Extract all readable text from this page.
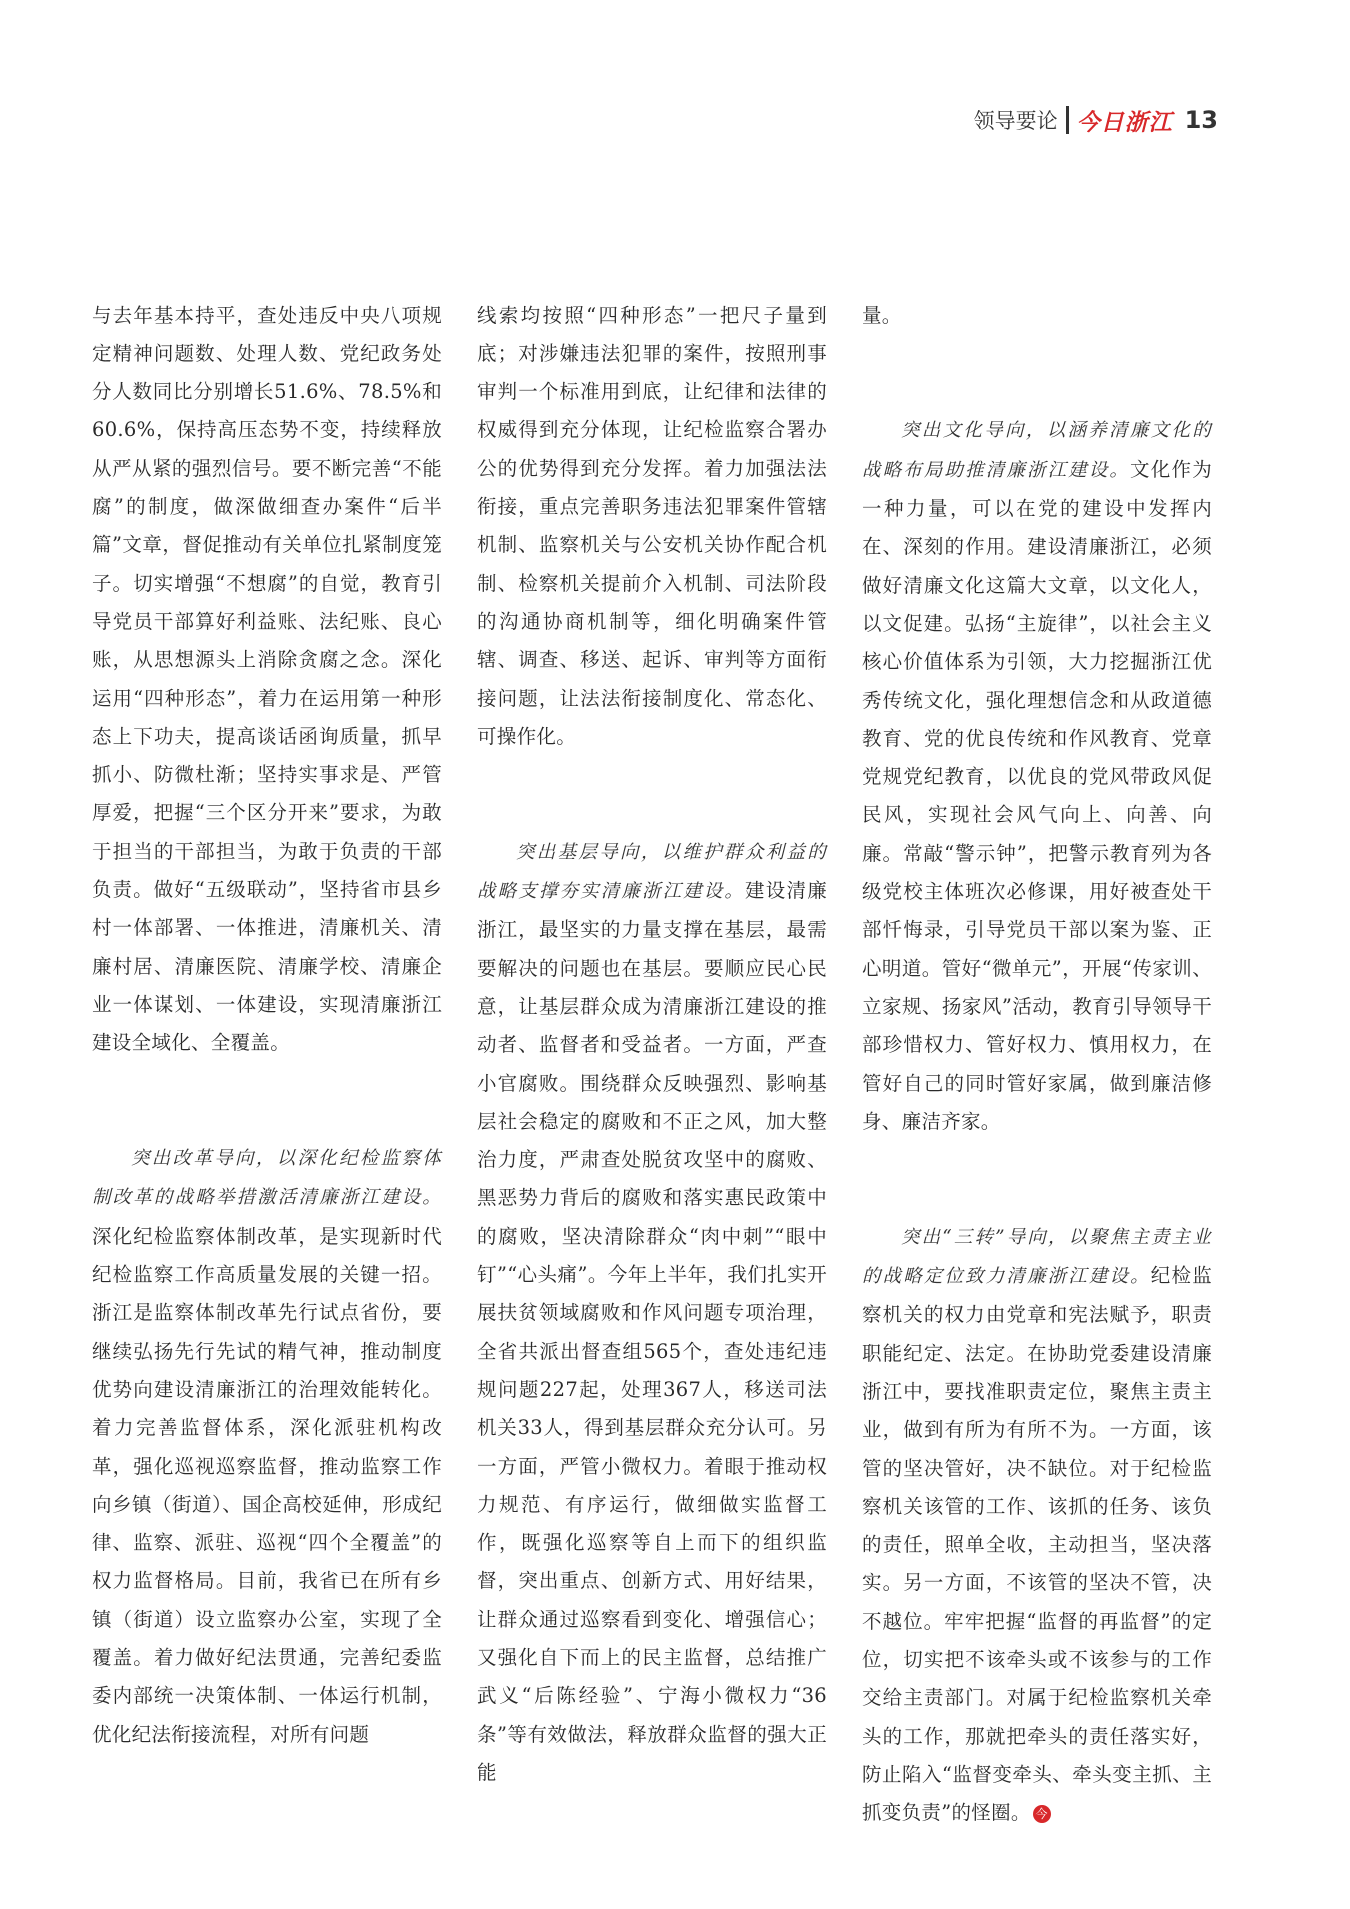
领导要论 今日浙江 13

与去年基本持平，查处违反中央八项规定精神问题数、处理人数、党纪政务处分人数同比分别增长51.6%、78.5%和60.6%，保持高压态势不变，持续释放从严从紧的强烈信号。要不断完善“不能腐”的制度，做深做细查办案件“后半篇”文章，督促推动有关单位扎紧制度笼子。切实增强“不想腐”的自觉，教育引导党员干部算好利益账、法纪账、良心账，从思想源头上消除贪腐之念。深化运用“四种形态”，着力在运用第一种形态上下功夫，提高谈话函询质量，抓早抓小、防微杜渐；坚持实事求是、严管厚爱，把握“三个区分开来”要求，为敢于担当的干部担当，为敢于负责的干部负责。做好“五级联动”，坚持省市县乡村一体部署、一体推进，清廉机关、清廉村居、清廉医院、清廉学校、清廉企业一体谋划、一体建设，实现清廉浙江建设全域化、全覆盖。

突出改革导向，以深化纪检监察体制改革的战略举措激活清廉浙江建设。深化纪检监察体制改革，是实现新时代纪检监察工作高质量发展的关键一招。浙江是监察体制改革先行试点省份，要继续弘扬先行先试的精气神，推动制度优势向建设清廉浙江的治理效能转化。着力完善监督体系，深化派驻机构改革，强化巡视巡察监督，推动监察工作向乡镇（街道）、国企高校延伸，形成纪律、监察、派驻、巡视“四个全覆盖”的权力监督格局。目前，我省已在所有乡镇（街道）设立监察办公室，实现了全覆盖。着力做好纪法贯通，完善纪委监委内部统一决策体制、一体运行机制，优化纪法衔接流程，对所有问题

线索均按照“四种形态”一把尺子量到底；对涉嫌违法犯罪的案件，按照刑事审判一个标准用到底，让纪律和法律的权威得到充分体现，让纪检监察合署办公的优势得到充分发挥。着力加强法法衔接，重点完善职务违法犯罪案件管辖机制、监察机关与公安机关协作配合机制、检察机关提前介入机制、司法阶段的沟通协商机制等，细化明确案件管辖、调查、移送、起诉、审判等方面衔接问题，让法法衔接制度化、常态化、可操作化。

突出基层导向，以维护群众利益的战略支撑夯实清廉浙江建设。建设清廉浙江，最坚实的力量支撑在基层，最需要解决的问题也在基层。要顺应民心民意，让基层群众成为清廉浙江建设的推动者、监督者和受益者。一方面，严查小官腐败。围绕群众反映强烈、影响基层社会稳定的腐败和不正之风，加大整治力度，严肃查处脱贫攻坚中的腐败、黑恶势力背后的腐败和落实惠民政策中的腐败，坚决清除群众“肉中刺”“眼中钉”“心头痛”。今年上半年，我们扎实开展扶贫领域腐败和作风问题专项治理，全省共派出督查组565个，查处违纪违规问题227起，处理367人，移送司法机关33人，得到基层群众充分认可。另一方面，严管小微权力。着眼于推动权力规范、有序运行，做细做实监督工作，既强化巡察等自上而下的组织监督，突出重点、创新方式、用好结果，让群众通过巡察看到变化、增强信心；又强化自下而上的民主监督，总结推广武义“后陈经验”、宁海小微权力“36条”等有效做法，释放群众监督的强大正能

量。

突出文化导向，以涵养清廉文化的战略布局助推清廉浙江建设。文化作为一种力量，可以在党的建设中发挥内在、深刻的作用。建设清廉浙江，必须做好清廉文化这篇大文章，以文化人，以文促建。弘扬“主旋律”，以社会主义核心价值体系为引领，大力挖掘浙江优秀传统文化，强化理想信念和从政道德教育、党的优良传统和作风教育、党章党规党纪教育，以优良的党风带政风促民风，实现社会风气向上、向善、向廉。常敲“警示钟”，把警示教育列为各级党校主体班次必修课，用好被查处干部忏悔录，引导党员干部以案为鉴、正心明道。管好“微单元”，开展“传家训、立家规、扬家风”活动，教育引导领导干部珍惜权力、管好权力、慎用权力，在管好自己的同时管好家属，做到廉洁修身、廉洁齐家。

突出“三转”导向，以聚焦主责主业的战略定位致力清廉浙江建设。纪检监察机关的权力由党章和宪法赋予，职责职能纪定、法定。在协助党委建设清廉浙江中，要找准职责定位，聚焦主责主业，做到有所为有所不为。一方面，该管的坚决管好，决不缺位。对于纪检监察机关该管的工作、该抓的任务、该负的责任，照单全收，主动担当，坚决落实。另一方面，不该管的坚决不管，决不越位。牢牢把握“监督的再监督”的定位，切实把不该牵头或不该参与的工作交给主责部门。对属于纪检监察机关牵头的工作，那就把牵头的责任落实好，防止陷入“监督变牵头、牵头变主抓、主抓变负责”的怪圈。 今
